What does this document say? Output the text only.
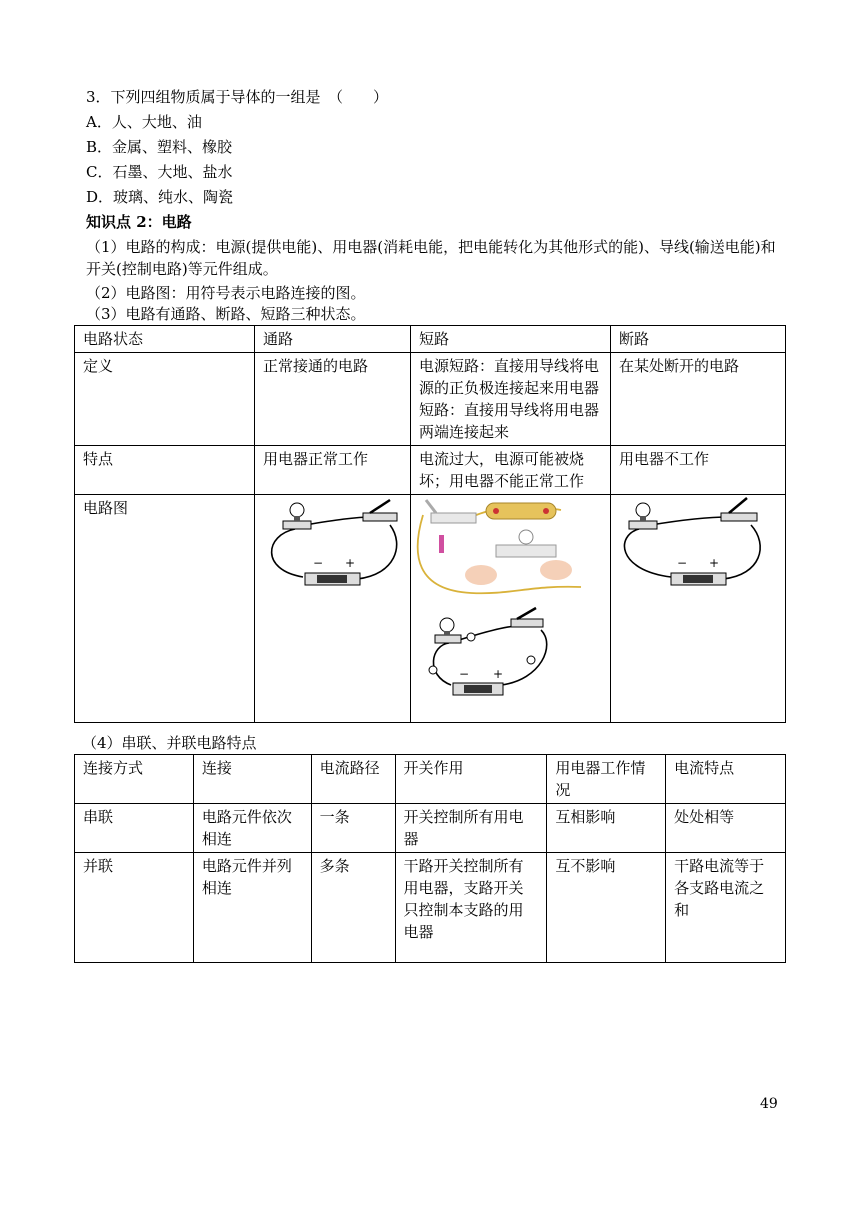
3．下列四组物质属于导体的一组是　（　　）
A．人、大地、油
B．金属、塑料、橡胶
C．石墨、大地、盐水
D．玻璃、纯水、陶瓷
知识点 2：电路
（1）电路的构成：电源(提供电能)、用电器(消耗电能，把电能转化为其他形式的能)、导线(输送电能)和开关(控制电路)等元件组成。
（2）电路图：用符号表示电路连接的图。
（3）电路有通路、断路、短路三种状态。
电路状态	通路	短路	断路
定义	正常接通的电路	电源短路：直接用导线将电源的正负极连接起来用电器短路：直接用导线将用电器两端连接起来	在某处断开的电路
特点	用电器正常工作	电流过大，电源可能被烧坏；用电器不能正常工作	用电器不工作
电路图	− +	− +	− +
（4）串联、并联电路特点
连接方式	连接	电流路径	开关作用	用电器工作情况	电流特点
串联	电路元件依次相连	一条	开关控制所有用电器	互相影响	处处相等
并联	电路元件并列相连	多条	干路开关控制所有用电器，支路开关只控制本支路的用电器	互不影响	干路电流等于各支路电流之和
49
